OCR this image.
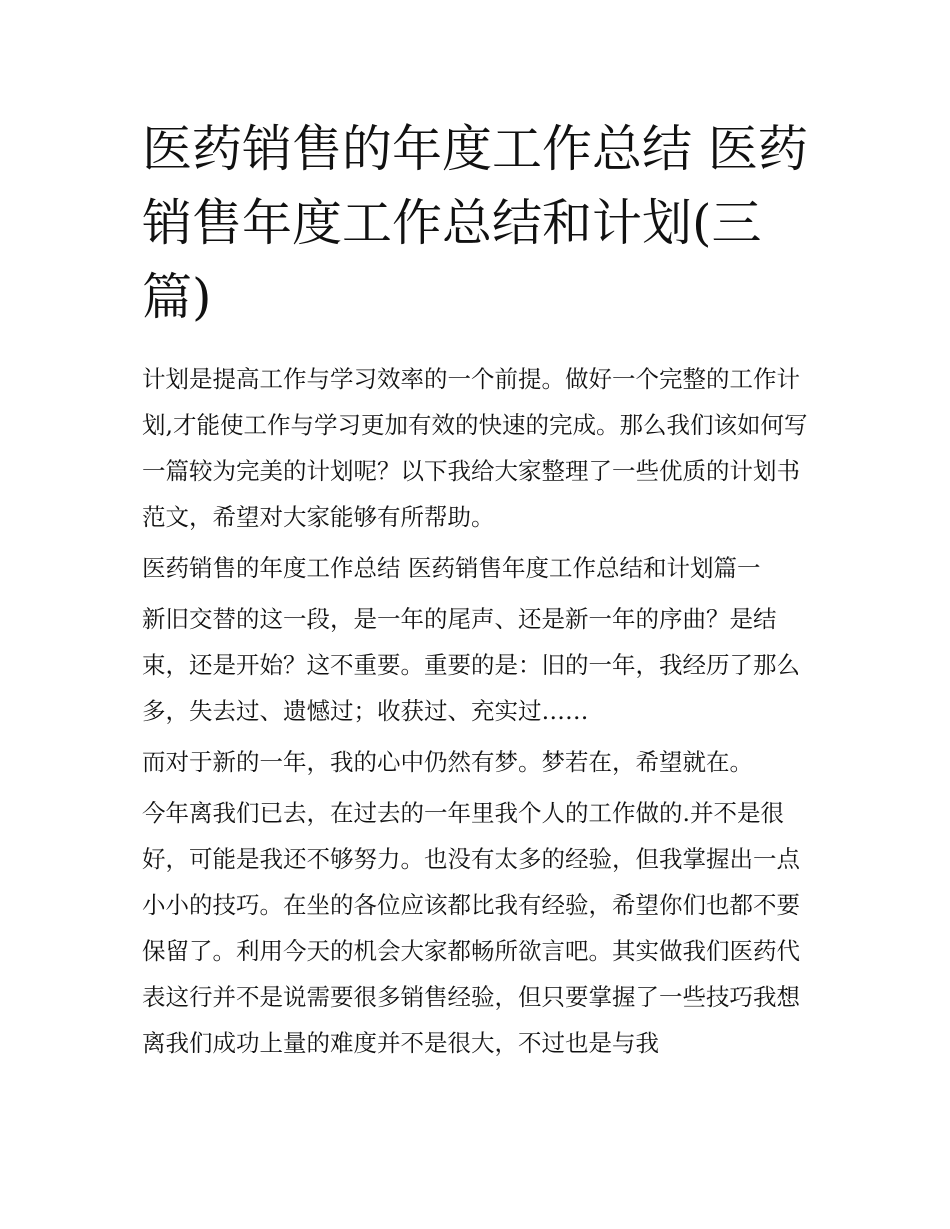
医药销售的年度工作总结 医药销售年度工作总结和计划(三篇)

计划是提高工作与学习效率的一个前提。做好一个完整的工作计划,才能使工作与学习更加有效的快速的完成。那么我们该如何写一篇较为完美的计划呢？以下我给大家整理了一些优质的计划书范文，希望对大家能够有所帮助。

医药销售的年度工作总结 医药销售年度工作总结和计划篇一

新旧交替的这一段，是一年的尾声、还是新一年的序曲？是结束，还是开始？这不重要。重要的是：旧的一年，我经历了那么多，失去过、遗憾过；收获过、充实过……

而对于新的一年，我的心中仍然有梦。梦若在，希望就在。

今年离我们已去，在过去的一年里我个人的工作做的.并不是很好，可能是我还不够努力。也没有太多的经验，但我掌握出一点小小的技巧。在坐的各位应该都比我有经验，希望你们也都不要保留了。利用今天的机会大家都畅所欲言吧。其实做我们医药代表这行并不是说需要很多销售经验，但只要掌握了一些技巧我想离我们成功上量的难度并不是很大，不过也是与我
